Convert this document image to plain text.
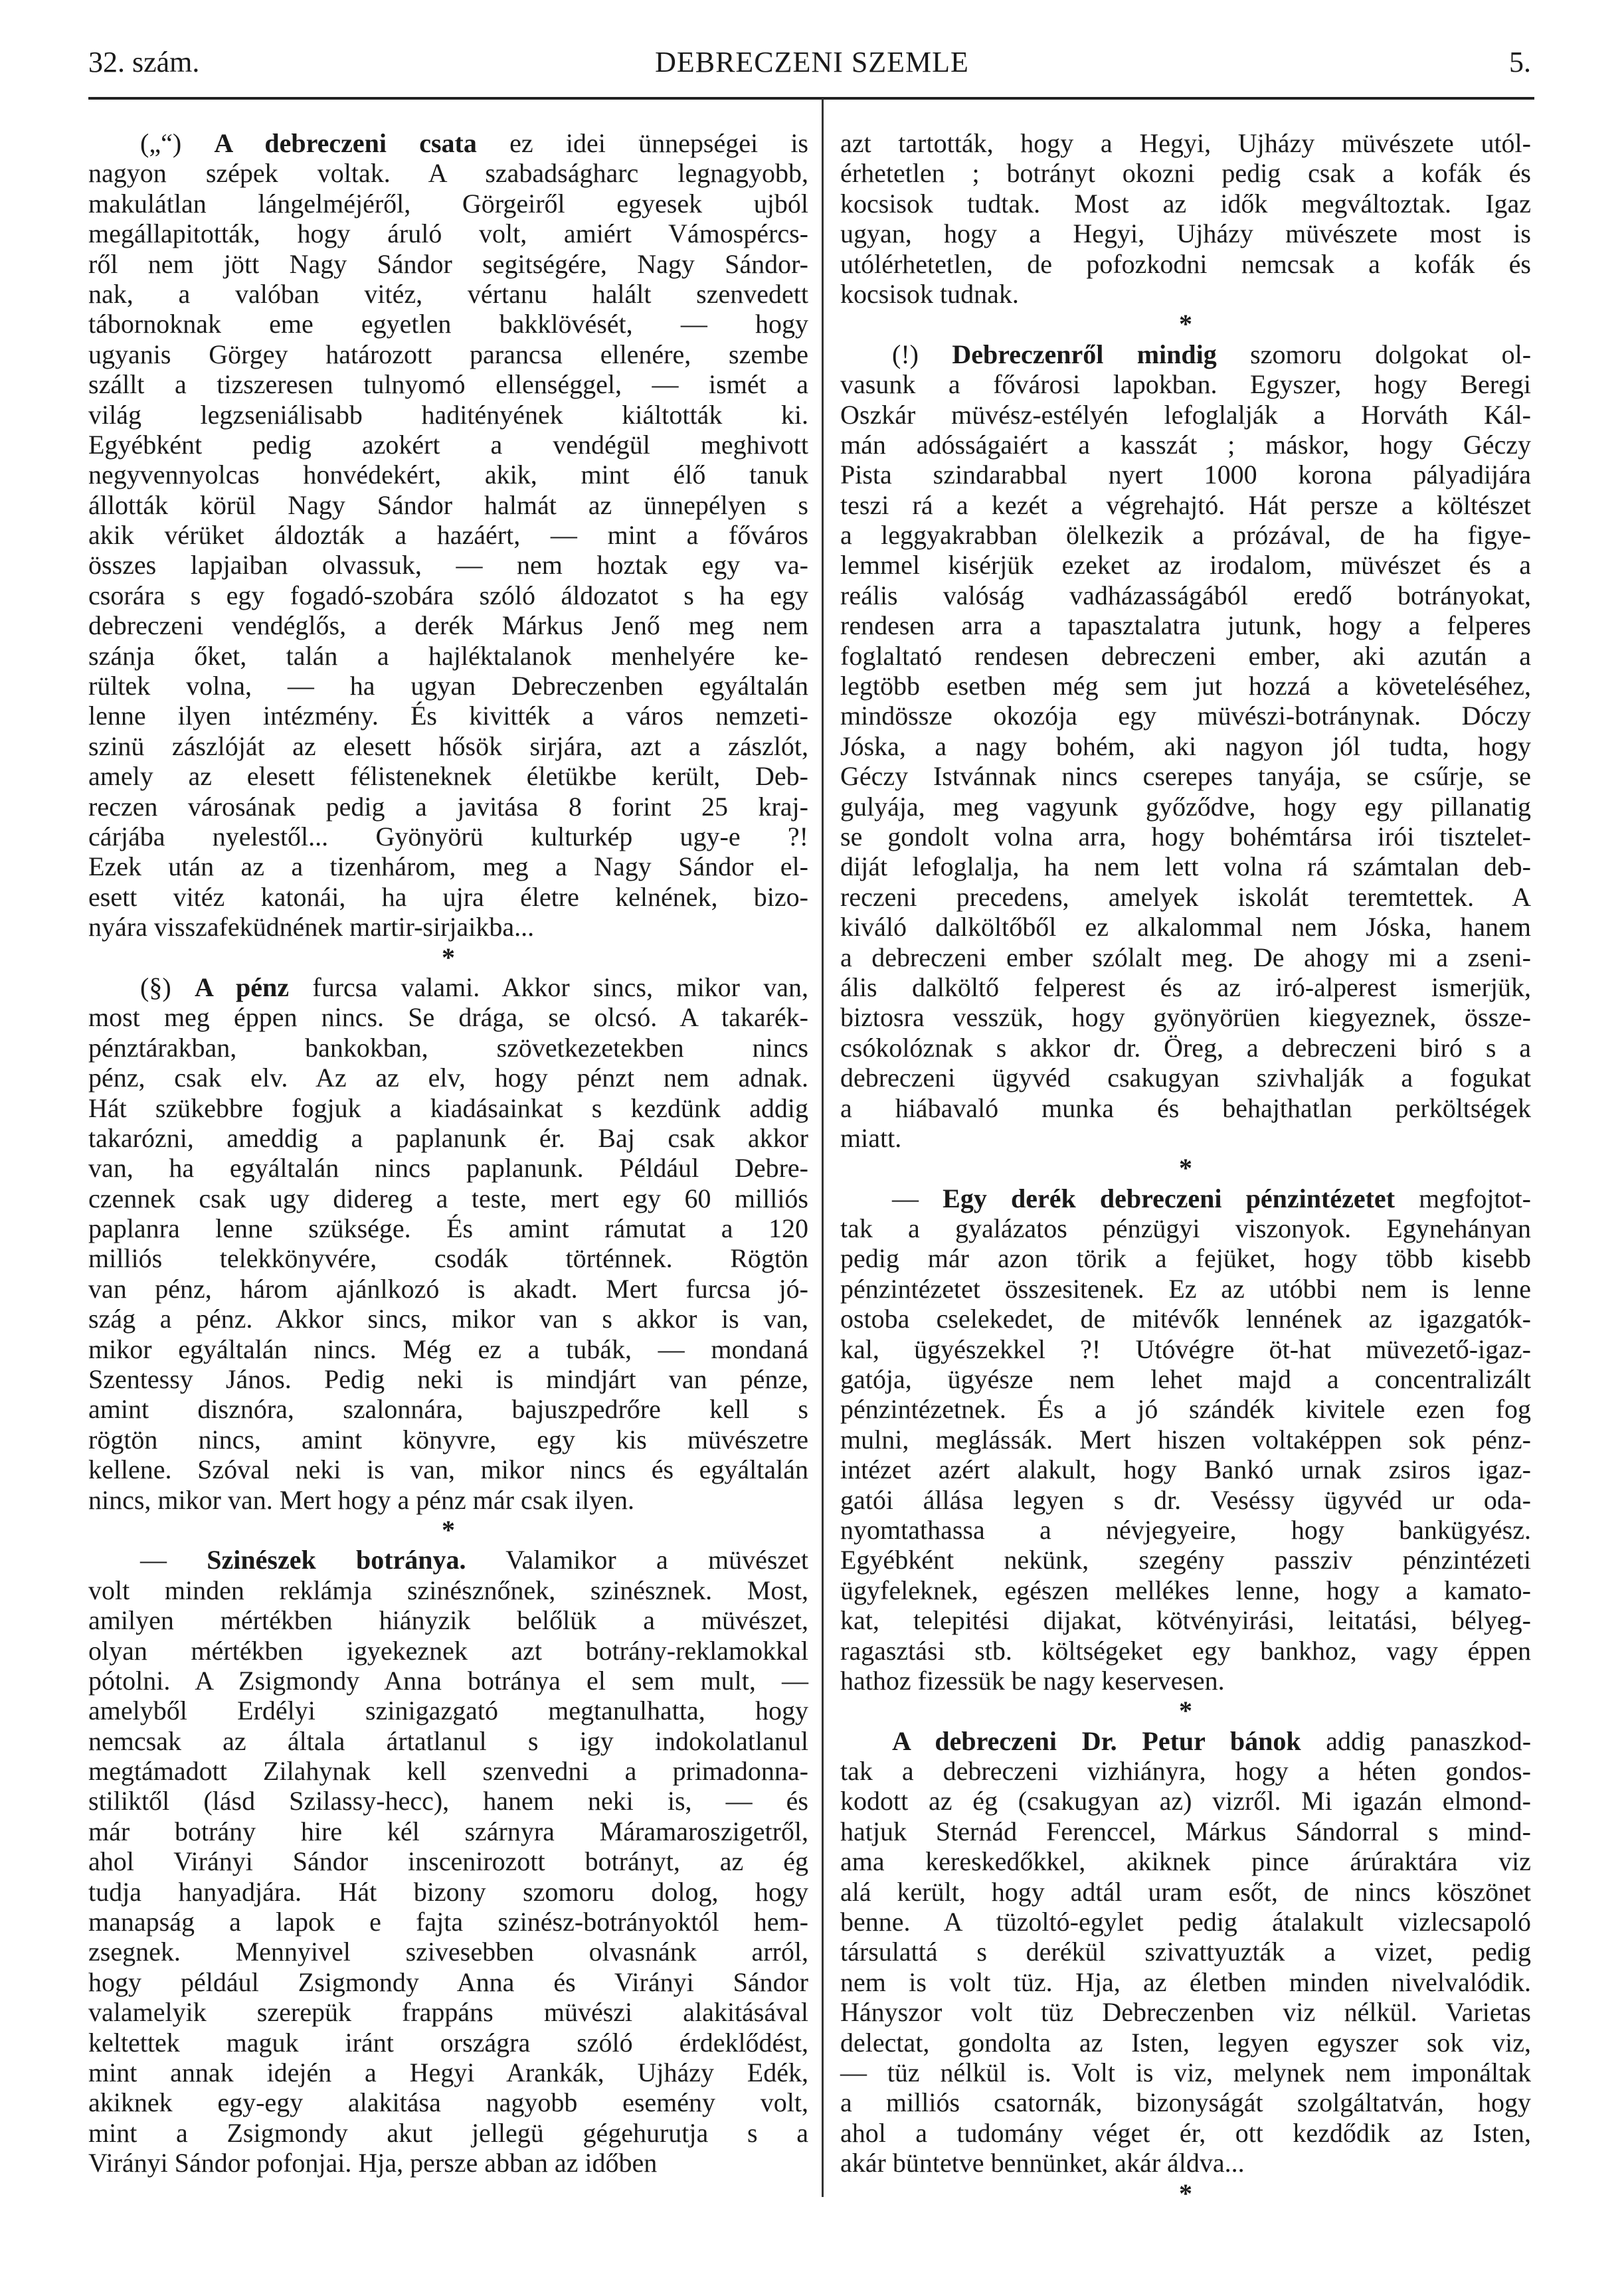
32. szám.	DEBRECZENI SZEMLE	5.
(„“) A debreczeni csata ez idei ünnepségei is
nagyon szépek voltak. A szabadságharc legnagyobb,
makulátlan lángelméjéről, Görgeiről egyesek ujból
megállapitották, hogy áruló volt, amiért Vámospércs-
ről nem jött Nagy Sándor segitségére, Nagy Sándor-
nak, a valóban vitéz, vértanu halált szenvedett
tábornoknak eme egyetlen bakklövését, — hogy
ugyanis Görgey határozott parancsa ellenére, szembe
szállt a tizszeresen tulnyomó ellenséggel, — ismét a
világ legzseniálisabb haditényének kiáltották ki.
Egyébként pedig azokért a vendégül meghivott
negyvennyolcas honvédekért, akik, mint élő tanuk
állották körül Nagy Sándor halmát az ünnepélyen s
akik vérüket áldozták a hazáért, — mint a főváros
összes lapjaiban olvassuk, — nem hoztak egy va-
csorára s egy fogadó-szobára szóló áldozatot s ha egy
debreczeni vendéglős, a derék Márkus Jenő meg nem
szánja őket, talán a hajléktalanok menhelyére ke-
rültek volna, — ha ugyan Debreczenben egyáltalán
lenne ilyen intézmény. És kivitték a város nemzeti-
szinü zászlóját az elesett hősök sirjára, azt a zászlót,
amely az elesett félisteneknek életükbe került, Deb-
reczen városának pedig a javitása 8 forint 25 kraj-
cárjába nyelestől... Gyönyörü kulturkép ugy-e ?!
Ezek után az a tizenhárom, meg a Nagy Sándor el-
esett vitéz katonái, ha ujra életre kelnének, bizo-
nyára visszafeküdnének martir-sirjaikba...
*
(§) A pénz furcsa valami. Akkor sincs, mikor van,
most meg éppen nincs. Se drága, se olcsó. A takarék-
pénztárakban, bankokban, szövetkezetekben nincs
pénz, csak elv. Az az elv, hogy pénzt nem adnak.
Hát szükebbre fogjuk a kiadásainkat s kezdünk addig
takarózni, ameddig a paplanunk ér. Baj csak akkor
van, ha egyáltalán nincs paplanunk. Például Debre-
czennek csak ugy didereg a teste, mert egy 60 milliós
paplanra lenne szüksége. És amint rámutat a 120
milliós telekkönyvére, csodák történnek. Rögtön
van pénz, három ajánlkozó is akadt. Mert furcsa jó-
szág a pénz. Akkor sincs, mikor van s akkor is van,
mikor egyáltalán nincs. Még ez a tubák, — mondaná
Szentessy János. Pedig neki is mindjárt van pénze,
amint disznóra, szalonnára, bajuszpedrőre kell s
rögtön nincs, amint könyvre, egy kis müvészetre
kellene. Szóval neki is van, mikor nincs és egyáltalán
nincs, mikor van. Mert hogy a pénz már csak ilyen.
*
— Szinészek botránya. Valamikor a müvészet
volt minden reklámja szinésznőnek, szinésznek. Most,
amilyen mértékben hiányzik belőlük a müvészet,
olyan mértékben igyekeznek azt botrány-reklamokkal
pótolni. A Zsigmondy Anna botránya el sem mult, —
amelyből Erdélyi szinigazgató megtanulhatta, hogy
nemcsak az általa ártatlanul s igy indokolatlanul
megtámadott Zilahynak kell szenvedni a primadonna-
stiliktől (lásd Szilassy-hecc), hanem neki is, — és
már botrány hire kél szárnyra Máramaroszigetről,
ahol Virányi Sándor inscenirozott botrányt, az ég
tudja hanyadjára. Hát bizony szomoru dolog, hogy
manapság a lapok e fajta szinész-botrányoktól hem-
zsegnek. Mennyivel szivesebben olvasnánk arról,
hogy például Zsigmondy Anna és Virányi Sándor
valamelyik szerepük frappáns müvészi alakitásával
keltettek maguk iránt országra szóló érdeklődést,
mint annak idején a Hegyi Arankák, Ujházy Edék,
akiknek egy-egy alakitása nagyobb esemény volt,
mint a Zsigmondy akut jellegü gégehurutja s a
Virányi Sándor pofonjai. Hja, persze abban az időben
azt tartották, hogy a Hegyi, Ujházy müvészete utól-
érhetetlen ; botrányt okozni pedig csak a kofák és
kocsisok tudtak. Most az idők megváltoztak. Igaz
ugyan, hogy a Hegyi, Ujházy müvészete most is
utólérhetetlen, de pofozkodni nemcsak a kofák és
kocsisok tudnak.
*
(!) Debreczenről mindig szomoru dolgokat ol-
vasunk a fővárosi lapokban. Egyszer, hogy Beregi
Oszkár müvész-estélyén lefoglalják a Horváth Kál-
mán adósságaiért a kasszát ; máskor, hogy Géczy
Pista szindarabbal nyert 1000 korona pályadijára
teszi rá a kezét a végrehajtó. Hát persze a költészet
a leggyakrabban ölelkezik a prózával, de ha figye-
lemmel kisérjük ezeket az irodalom, müvészet és a
reális valóság vadházasságából eredő botrányokat,
rendesen arra a tapasztalatra jutunk, hogy a felperes
foglaltató rendesen debreczeni ember, aki azután a
legtöbb esetben még sem jut hozzá a követeléséhez,
mindössze okozója egy müvészi-botránynak. Dóczy
Jóska, a nagy bohém, aki nagyon jól tudta, hogy
Géczy Istvánnak nincs cserepes tanyája, se csűrje, se
gulyája, meg vagyunk győződve, hogy egy pillanatig
se gondolt volna arra, hogy bohémtársa irói tisztelet-
diját lefoglalja, ha nem lett volna rá számtalan deb-
reczeni precedens, amelyek iskolát teremtettek. A
kiváló dalköltőből ez alkalommal nem Jóska, hanem
a debreczeni ember szólalt meg. De ahogy mi a zseni-
ális dalköltő felperest és az iró-alperest ismerjük,
biztosra vesszük, hogy gyönyörüen kiegyeznek, össze-
csókolóznak s akkor dr. Öreg, a debreczeni biró s a
debreczeni ügyvéd csakugyan szivhalják a fogukat
a hiábavaló munka és behajthatlan perköltségek
miatt.
*
— Egy derék debreczeni pénzintézetet megfojtot-
tak a gyalázatos pénzügyi viszonyok. Egynehányan
pedig már azon törik a fejüket, hogy több kisebb
pénzintézetet összesitenek. Ez az utóbbi nem is lenne
ostoba cselekedet, de mitévők lennének az igazgatók-
kal, ügyészekkel ?! Utóvégre öt-hat müvezető-igaz-
gatója, ügyésze nem lehet majd a concentralizált
pénzintézetnek. És a jó szándék kivitele ezen fog
mulni, meglássák. Mert hiszen voltaképpen sok pénz-
intézet azért alakult, hogy Bankó urnak zsiros igaz-
gatói állása legyen s dr. Veséssy ügyvéd ur oda-
nyomtathassa a névjegyeire, hogy bankügyész.
Egyébként nekünk, szegény passziv pénzintézeti
ügyfeleknek, egészen mellékes lenne, hogy a kamato-
kat, telepitési dijakat, kötvényirási, leitatási, bélyeg-
ragasztási stb. költségeket egy bankhoz, vagy éppen
hathoz fizessük be nagy keservesen.
*
A debreczeni Dr. Petur bánok addig panaszkod-
tak a debreczeni vizhiányra, hogy a héten gondos-
kodott az ég (csakugyan az) vizről. Mi igazán elmond-
hatjuk Sternád Ferenccel, Márkus Sándorral s mind-
ama kereskedőkkel, akiknek pince árúraktára viz
alá került, hogy adtál uram esőt, de nincs köszönet
benne. A tüzoltó-egylet pedig átalakult vizlecsapoló
társulattá s derékül szivattyuzták a vizet, pedig
nem is volt tüz. Hja, az életben minden nivelvalódik.
Hányszor volt tüz Debreczenben viz nélkül. Varietas
delectat, gondolta az Isten, legyen egyszer sok viz,
— tüz nélkül is. Volt is viz, melynek nem imponáltak
a milliós csatornák, bizonyságát szolgáltatván, hogy
ahol a tudomány véget ér, ott kezdődik az Isten,
akár büntetve bennünket, akár áldva...
*
